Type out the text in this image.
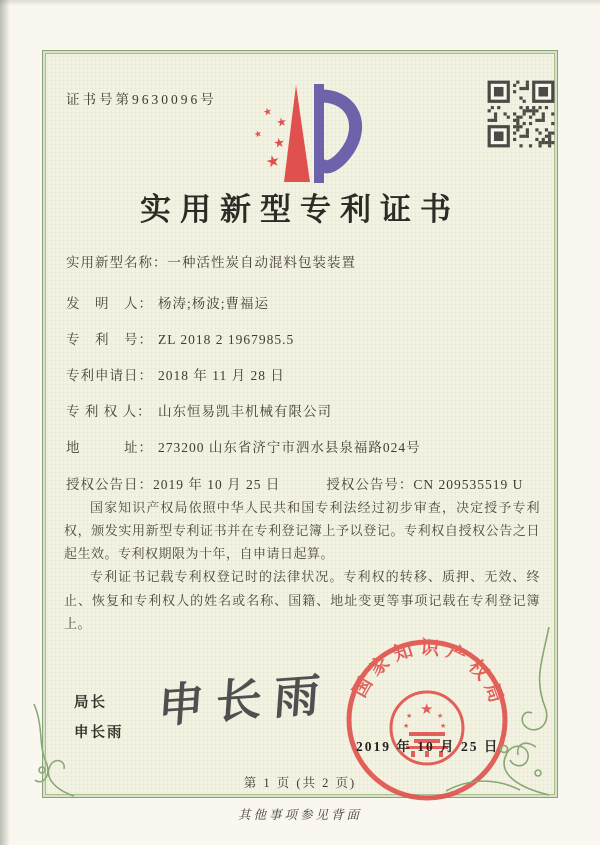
证书号第9630096号
★
★
★
★
★
实用新型专利证书
实用新型名称： 一种活性炭自动混料包装装置
发　明　人： 杨涛;杨波;曹福运
专　利　号： ZL 2018 2 1967985.5
专利申请日： 2018 年 11 月 28 日
专 利 权 人： 山东恒易凯丰机械有限公司
地　　　址： 273200 山东省济宁市泗水县泉福路024号
授权公告日： 2019 年 10 月 25 日	授权公告号： CN 209535519 U

国家知识产权局依照中华人民共和国专利法经过初步审查，决定授予专利权，颁发实用新型专利证书并在专利登记簿上予以登记。专利权自授权公告之日起生效。专利权期限为十年，自申请日起算。

专利证书记载专利权登记时的法律状况。专利权的转移、质押、无效、终止、恢复和专利权人的姓名或名称、国籍、地址变更等事项记载在专利登记簿上。

局长
申长雨
申长雨 国家知识产权局
★
★	★
★	★
2019 年 10 月 25 日
第 1 页 (共 2 页)
其他事项参见背面
